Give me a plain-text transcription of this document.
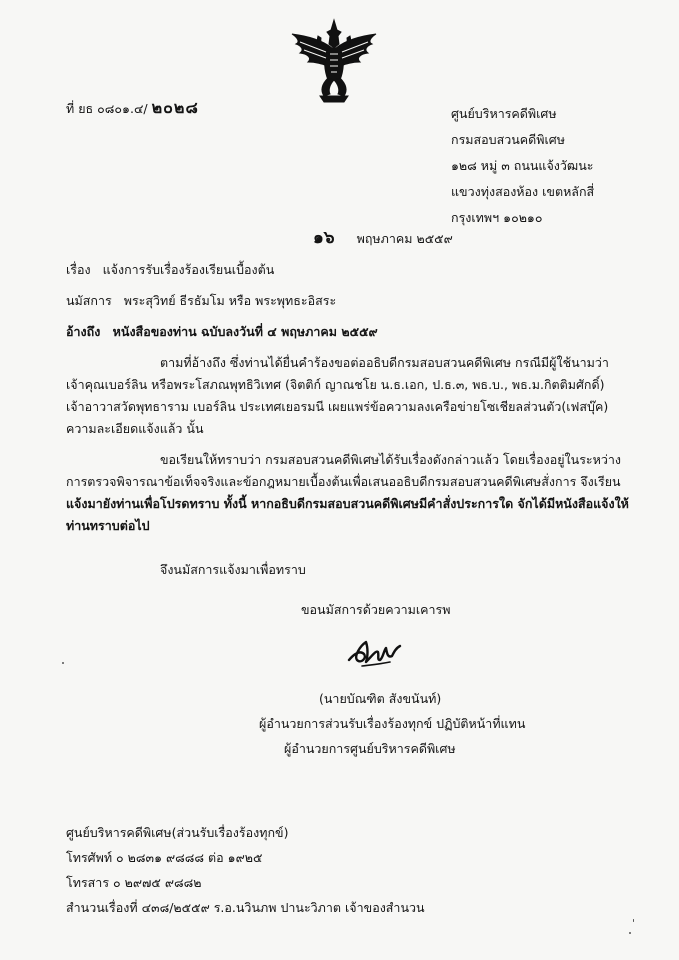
ที่ ยธ ๐๘๐๑.๔/ ๒๐๒๘	ศูนย์บริหารคดีพิเศษ
กรมสอบสวนคดีพิเศษ
๑๒๘ หมู่ ๓ ถนนแจ้งวัฒนะ
แขวงทุ่งสองห้อง เขตหลักสี่
กรุงเทพฯ ๑๐๒๑๐
๑๖ พฤษภาคม ๒๕๕๙
เรื่อง แจ้งการรับเรื่องร้องเรียนเบื้องต้น
นมัสการ พระสุวิทย์ ธีรธัมโม หรือ พระพุทธะอิสระ
อ้างถึง หนังสือของท่าน ฉบับลงวันที่ ๔ พฤษภาคม ๒๕๕๙
ตามที่อ้างถึง ซึ่งท่านได้ยื่นคำร้องขอต่ออธิบดีกรมสอบสวนคดีพิเศษ กรณีมีผู้ใช้นามว่า
เจ้าคุณเบอร์ลิน หรือพระโสภณพุทธิวิเทศ (จิตติก์ ญาณชโย น.ธ.เอก, ป.ธ.๓, พธ.บ., พธ.ม.กิตติมศักดิ์)
เจ้าอาวาสวัดพุทธาราม เบอร์ลิน ประเทศเยอรมนี เผยแพร่ข้อความลงเครือข่ายโซเชียลส่วนตัว(เฟสบุ๊ค)
ความละเอียดแจ้งแล้ว นั้น
ขอเรียนให้ทราบว่า กรมสอบสวนคดีพิเศษได้รับเรื่องดังกล่าวแล้ว โดยเรื่องอยู่ในระหว่าง
การตรวจพิจารณาข้อเท็จจริงและข้อกฎหมายเบื้องต้นเพื่อเสนออธิบดีกรมสอบสวนคดีพิเศษสั่งการ จึงเรียน
แจ้งมายังท่านเพื่อโปรดทราบ ทั้งนี้ หากอธิบดีกรมสอบสวนคดีพิเศษมีคำสั่งประการใด จักได้มีหนังสือแจ้งให้
ท่านทราบต่อไป
จึงนมัสการแจ้งมาเพื่อทราบ
ขอนมัสการด้วยความเคารพ
(นายบัณฑิต สังขนันท์)
ผู้อำนวยการส่วนรับเรื่องร้องทุกข์ ปฏิบัติหน้าที่แทน
ผู้อำนวยการศูนย์บริหารคดีพิเศษ
ศูนย์บริหารคดีพิเศษ(ส่วนรับเรื่องร้องทุกข์)
โทรศัพท์ ๐ ๒๘๓๑ ๙๘๘๘ ต่อ ๑๙๒๕
โทรสาร ๐ ๒๙๗๕ ๙๘๘๒
สำนวนเรื่องที่ ๔๓๘/๒๕๕๙ ร.อ.นวินภพ ปานะวิภาต เจ้าของสำนวน
